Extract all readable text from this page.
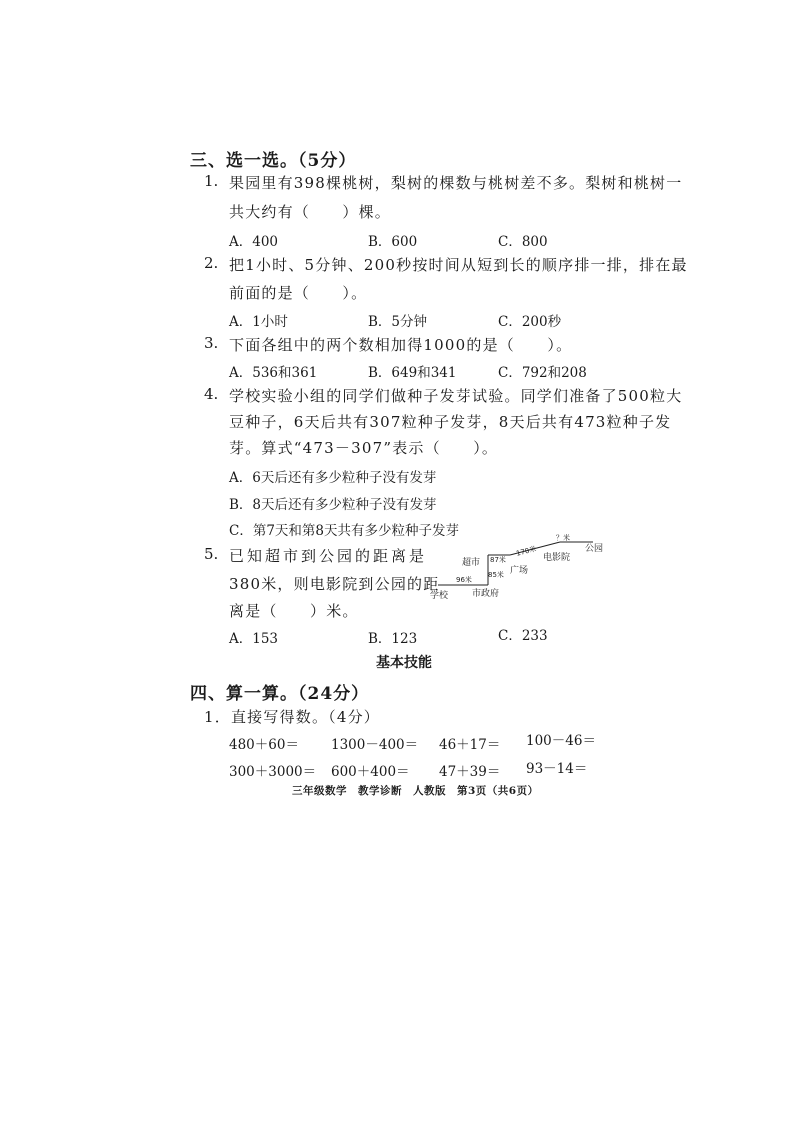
三、选一选。（5分）
1. 果园里有398棵桃树，梨树的棵数与桃树差不多。梨树和桃树一
共大约有（　　）棵。
A．400	B．600	C．800
2. 把1小时、5分钟、200秒按时间从短到长的顺序排一排，排在最
前面的是（　　）。
A．1小时	B．5分钟	C．200秒
3. 下面各组中的两个数相加得1000的是（　　）。
A．536和361	B．649和341	C．792和208
4. 学校实验小组的同学们做种子发芽试验。同学们准备了500粒大
豆种子，6天后共有307粒种子发芽，8天后共有473粒种子发
芽。算式“473－307”表示（　　）。
A．6天后还有多少粒种子没有发芽
B．8天后还有多少粒种子没有发芽
C．第7天和第8天共有多少粒种子发芽
5. 已知超市到公园的距离是
380米，则电影院到公园的距
离是（　　）米。
A．153	B．123	C．233
学校	市政府
超市
广场
电影院
公园
96米
85米
87米
170米
？米
基本技能
四、算一算。（24分）
1．直接写得数。（4分）
480＋60＝ 1300－400＝ 46＋17＝ 100－46＝
300＋3000＝ 600＋400＝ 47＋39＝ 93－14＝
三年级数学　教学诊断　人教版　第3页（共6页）
